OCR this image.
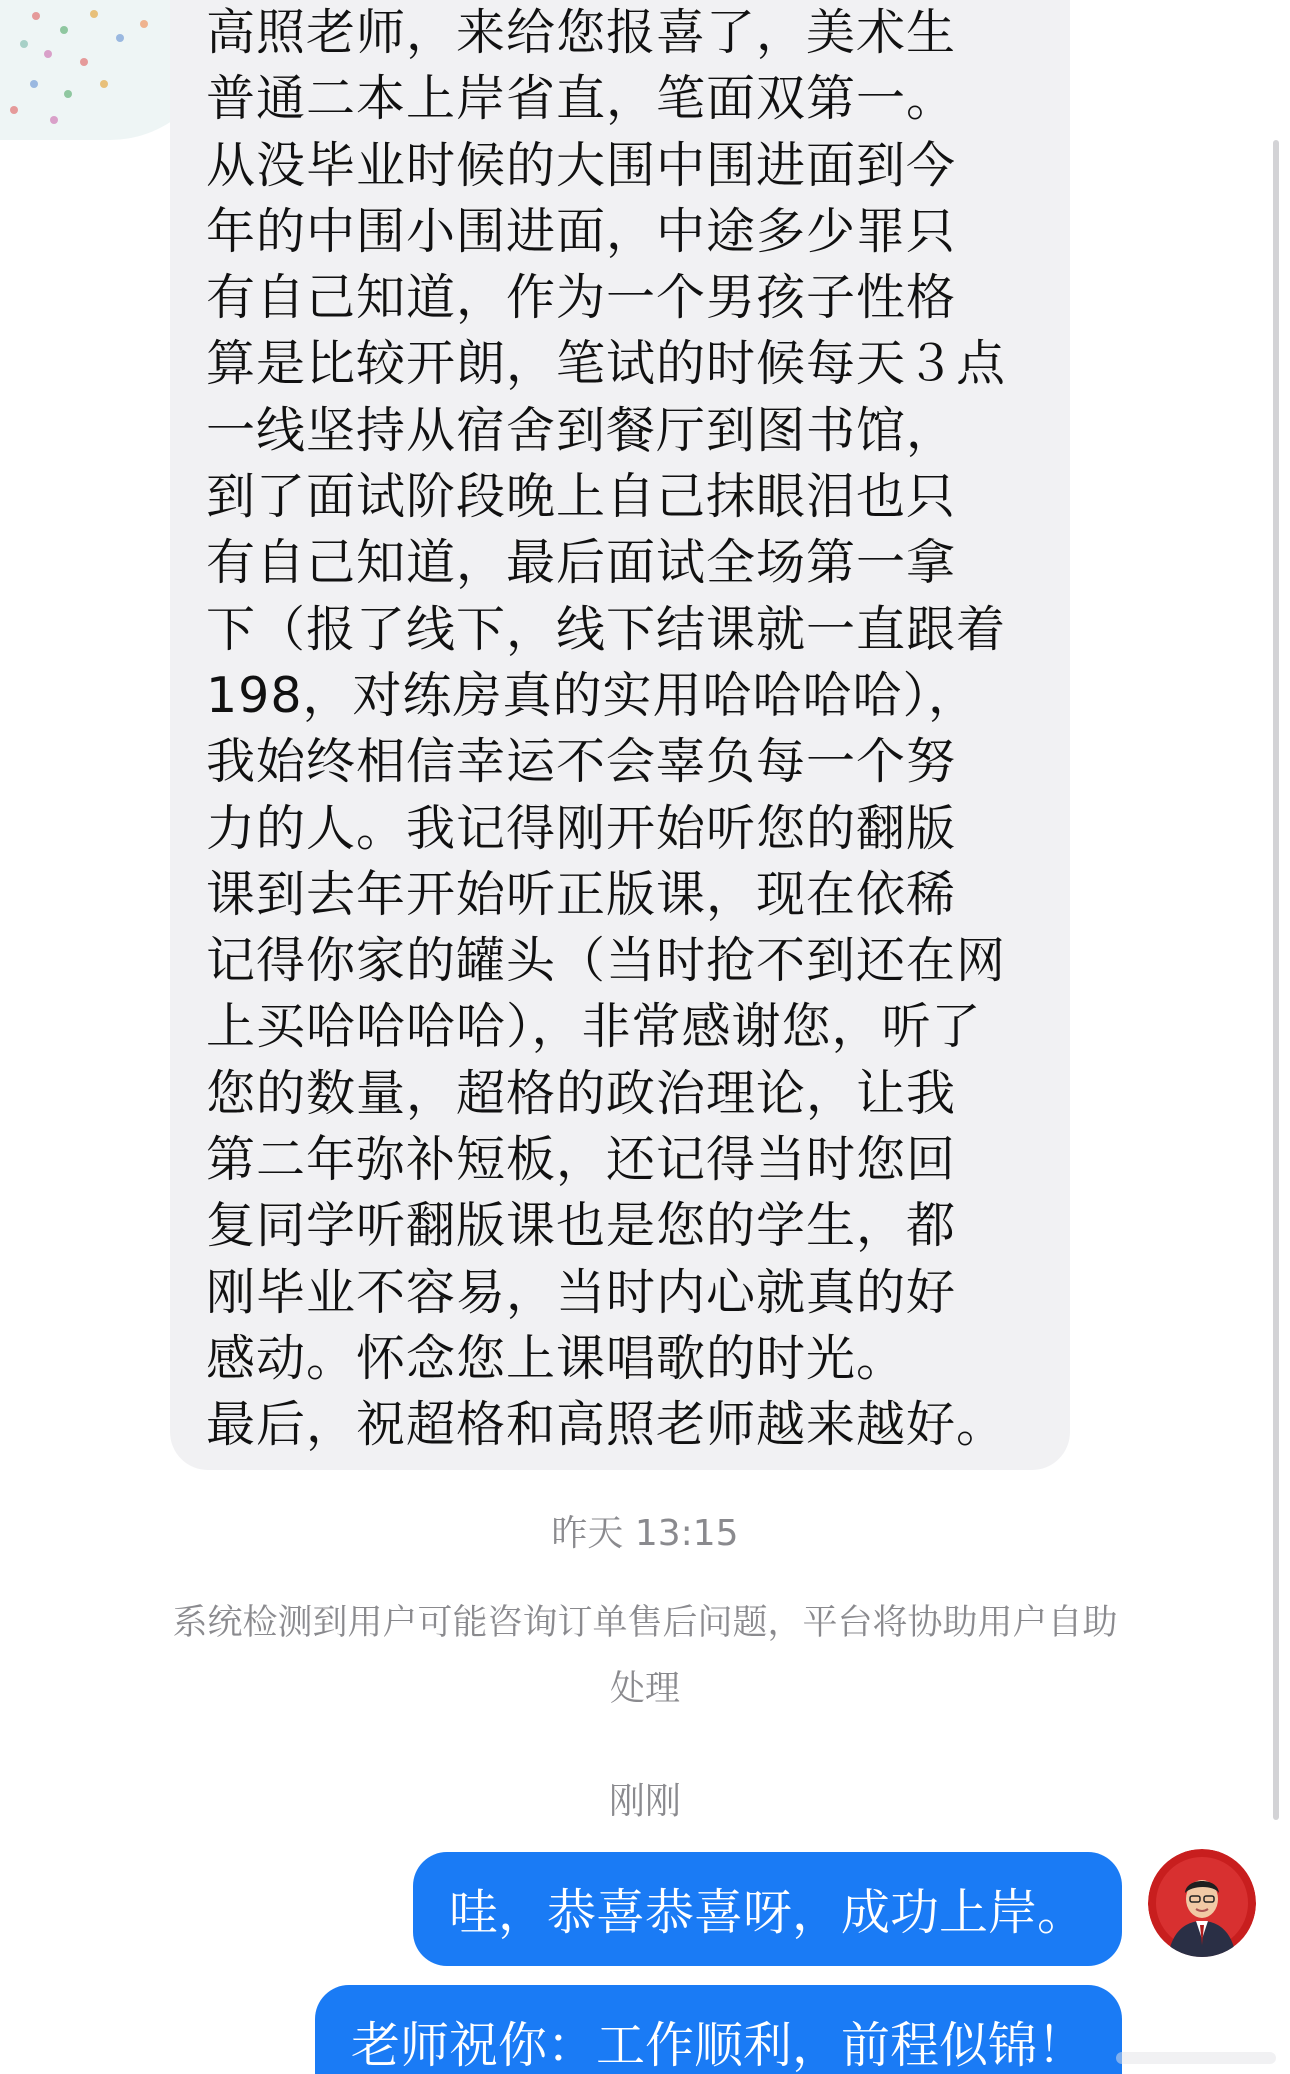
高照老师，来给您报喜了，美术生
普通二本上岸省直，笔面双第一。
从没毕业时候的大围中围进面到今
年的中围小围进面，中途多少罪只
有自己知道，作为一个男孩子性格
算是比较开朗，笔试的时候每天３点
一线坚持从宿舍到餐厅到图书馆，
到了面试阶段晚上自己抹眼泪也只
有自己知道，最后面试全场第一拿
下（报了线下，线下结课就一直跟着
198，对练房真的实用哈哈哈哈），
我始终相信幸运不会辜负每一个努
力的人。我记得刚开始听您的翻版
课到去年开始听正版课，现在依稀
记得你家的罐头（当时抢不到还在网
上买哈哈哈哈），非常感谢您，听了
您的数量，超格的政治理论，让我
第二年弥补短板，还记得当时您回
复同学听翻版课也是您的学生，都
刚毕业不容易，当时内心就真的好
感动。怀念您上课唱歌的时光。
最后，祝超格和高照老师越来越好。

昨天 13:15
系统检测到用户可能咨询订单售后问题，平台将协助用户自助
处理
刚刚
哇，恭喜恭喜呀，成功上岸。
老师祝你：工作顺利，前程似锦！
